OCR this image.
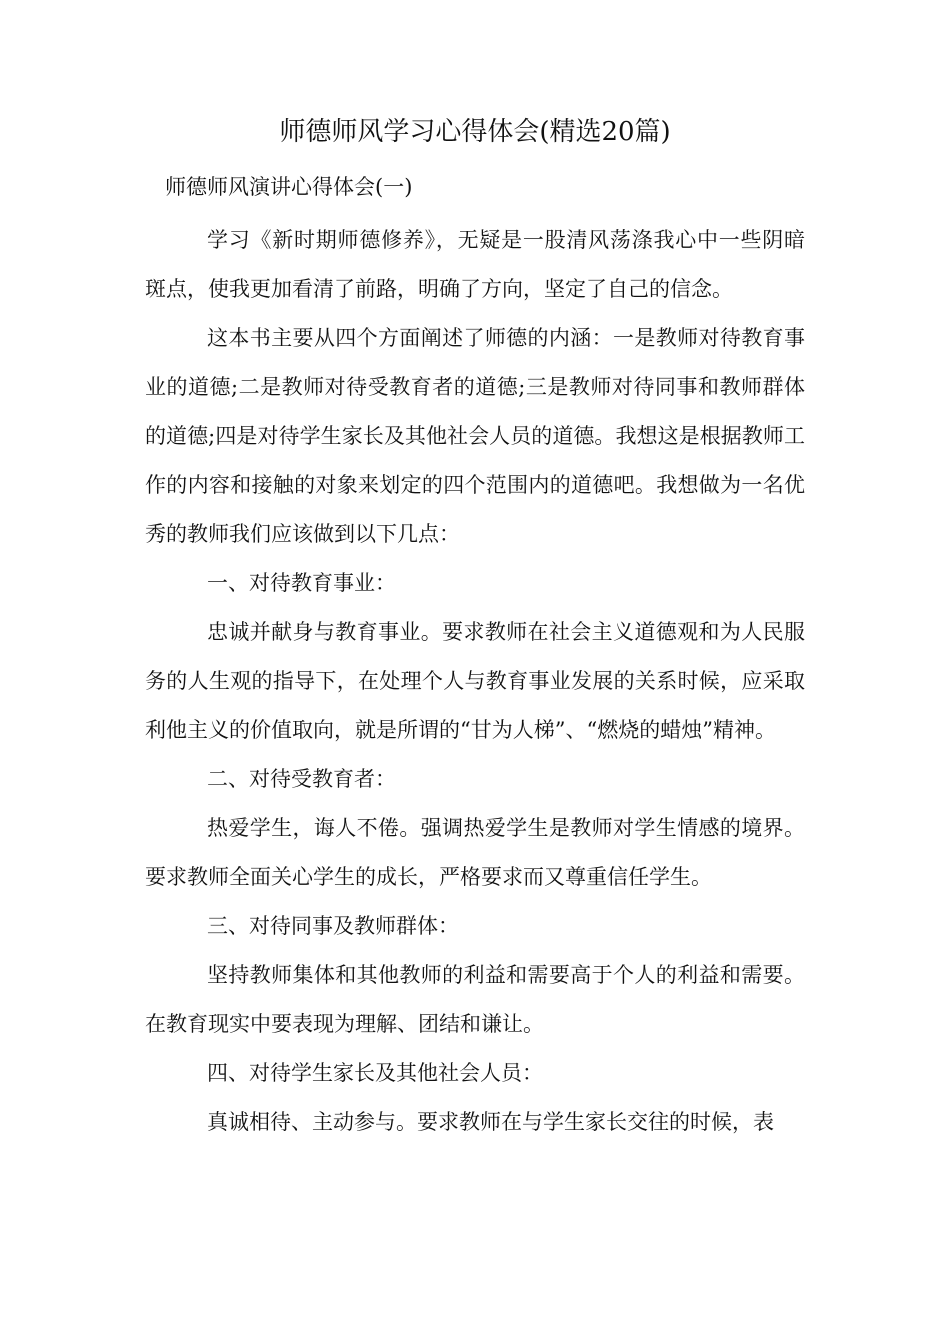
师德师风学习心得体会(精选20篇)
师德师风演讲心得体会(一)

学习《新时期师德修养》，无疑是一股清风荡涤我心中一些阴暗斑点，使我更加看清了前路，明确了方向，坚定了自己的信念。

这本书主要从四个方面阐述了师德的内涵：一是教师对待教育事业的道德;二是教师对待受教育者的道德;三是教师对待同事和教师群体的道德;四是对待学生家长及其他社会人员的道德。我想这是根据教师工作的内容和接触的对象来划定的四个范围内的道德吧。我想做为一名优秀的教师我们应该做到以下几点：

一、对待教育事业：

忠诚并献身与教育事业。要求教师在社会主义道德观和为人民服务的人生观的指导下，在处理个人与教育事业发展的关系时候，应采取利他主义的价值取向，就是所谓的“甘为人梯”、“燃烧的蜡烛”精神。

二、对待受教育者：

热爱学生，诲人不倦。强调热爱学生是教师对学生情感的境界。要求教师全面关心学生的成长，严格要求而又尊重信任学生。

三、对待同事及教师群体：

坚持教师集体和其他教师的利益和需要高于个人的利益和需要。在教育现实中要表现为理解、团结和谦让。

四、对待学生家长及其他社会人员：

真诚相待、主动参与。要求教师在与学生家长交往的时候，表
